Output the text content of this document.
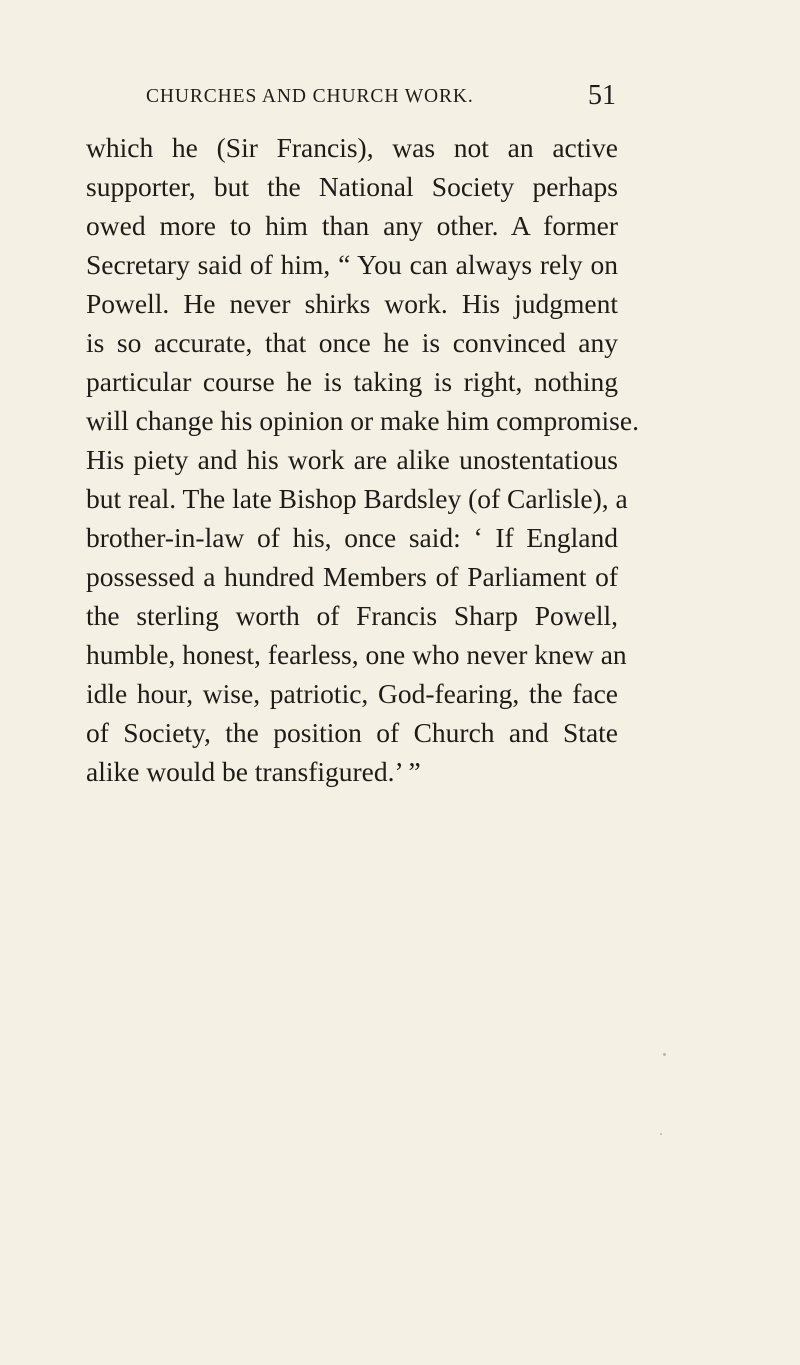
CHURCHES AND CHURCH WORK.	51
which he (Sir Francis), was not an active
supporter, but the National Society perhaps
owed more to him than any other. A former
Secretary said of him, “ You can always rely on
Powell. He never shirks work. His judgment
is so accurate, that once he is convinced any
particular course he is taking is right, nothing
will change his opinion or make him compromise.
His piety and his work are alike unostentatious
but real. The late Bishop Bardsley (of Carlisle), a
brother-in-law of his, once said: ‘ If England
possessed a hundred Members of Parliament of
the sterling worth of Francis Sharp Powell,
humble, honest, fearless, one who never knew an
idle hour, wise, patriotic, God-fearing, the face
of Society, the position of Church and State
alike would be transfigured.’ ”
